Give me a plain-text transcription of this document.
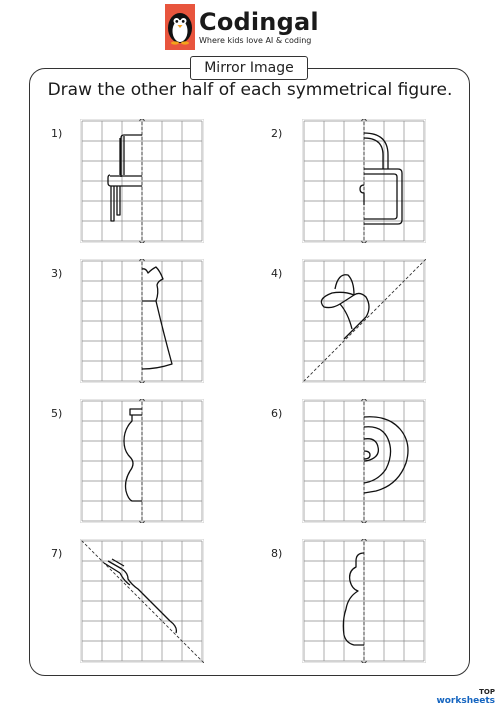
Codingal
Where kids love AI & coding
Mirror Image
Draw the other half of each symmetrical figure.
1)	2)
3)	4)
5)	6)
7)	8)
TOP
worksheets
